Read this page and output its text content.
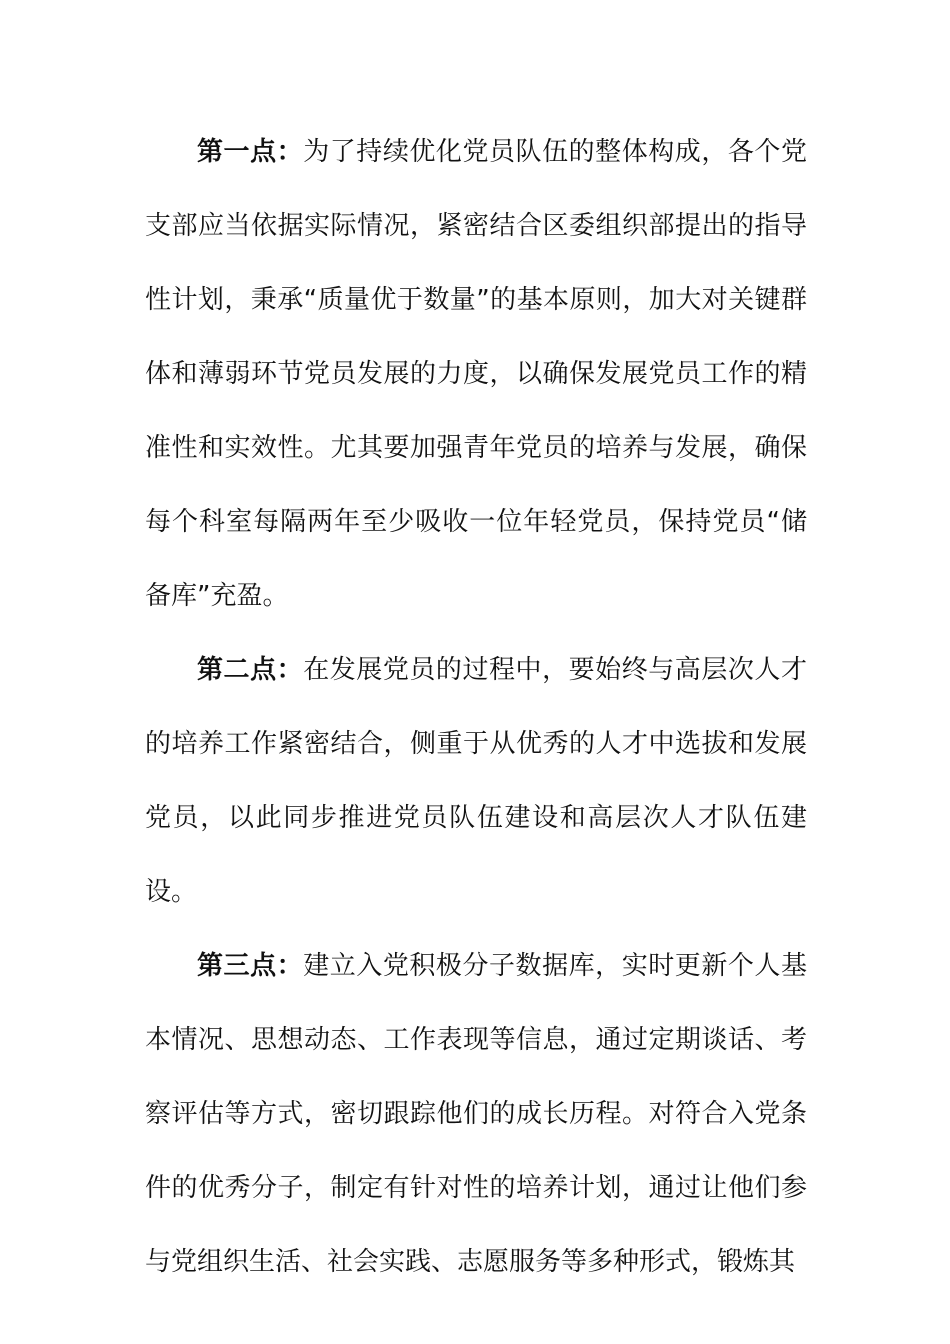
第一点：为了持续优化党员队伍的整体构成，各个党支部应当依据实际情况，紧密结合区委组织部提出的指导性计划，秉承“质量优于数量”的基本原则，加大对关键群体和薄弱环节党员发展的力度，以确保发展党员工作的精准性和实效性。尤其要加强青年党员的培养与发展，确保每个科室每隔两年至少吸收一位年轻党员，保持党员“储备库”充盈。

第二点：在发展党员的过程中，要始终与高层次人才的培养工作紧密结合，侧重于从优秀的人才中选拔和发展党员，以此同步推进党员队伍建设和高层次人才队伍建设。

第三点：建立入党积极分子数据库，实时更新个人基本情况、思想动态、工作表现等信息，通过定期谈话、考察评估等方式，密切跟踪他们的成长历程。对符合入党条件的优秀分子，制定有针对性的培养计划，通过让他们参与党组织生活、社会实践、志愿服务等多种形式，锻炼其
